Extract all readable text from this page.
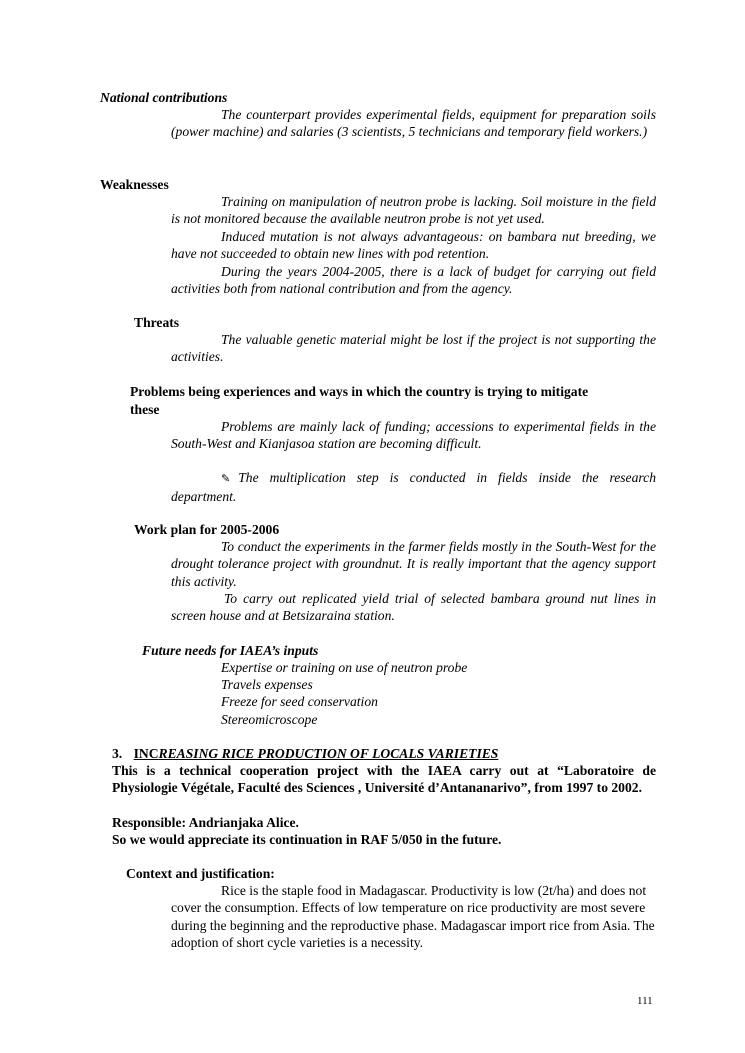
National contributions

The counterpart provides experimental fields, equipment for preparation soils (power machine) and salaries (3 scientists, 5 technicians and temporary field workers.)

Weaknesses

Training on manipulation of neutron probe is lacking. Soil moisture in the field is not monitored because the available neutron probe is not yet used.

Induced mutation is not always advantageous: on bambara nut breeding, we have not succeeded to obtain new lines with pod retention.

During the years 2004-2005, there is a lack of budget for carrying out field activities both from national contribution and from the agency.

Threats

The valuable genetic material might be lost if the project is not supporting the activities.

Problems being experiences and ways in which the country is trying to mitigate
these

Problems are mainly lack of funding; accessions to experimental fields in the South-West and Kianjasoa station are becoming difficult.

✎ The multiplication step is conducted in fields inside the research department.

Work plan for 2005-2006

To conduct the experiments in the farmer fields mostly in the South-West for the drought tolerance project with groundnut. It is really important that the agency support this activity.

To carry out replicated yield trial of selected bambara ground nut lines in screen house and at Betsizaraina station.

Future needs for IAEA’s inputs
Expertise or training on use of neutron probe
Travels expenses
Freeze for seed conservation
Stereomicroscope
3. INCREASING RICE PRODUCTION OF LOCALS VARIETIES

This is a technical cooperation project with the IAEA carry out at “Laboratoire de Physiologie Végétale, Faculté des Sciences , Université d’Antananarivo”, from 1997 to 2002.

Responsible: Andrianjaka Alice.
So we would appreciate its continuation in RAF 5/050 in the future.
Context and justification:

Rice is the staple food in Madagascar. Productivity is low (2t/ha) and does not cover the consumption. Effects of low temperature on rice productivity are most severe during the beginning and the reproductive phase. Madagascar import rice from Asia. The adoption of short cycle varieties is a necessity.

111
